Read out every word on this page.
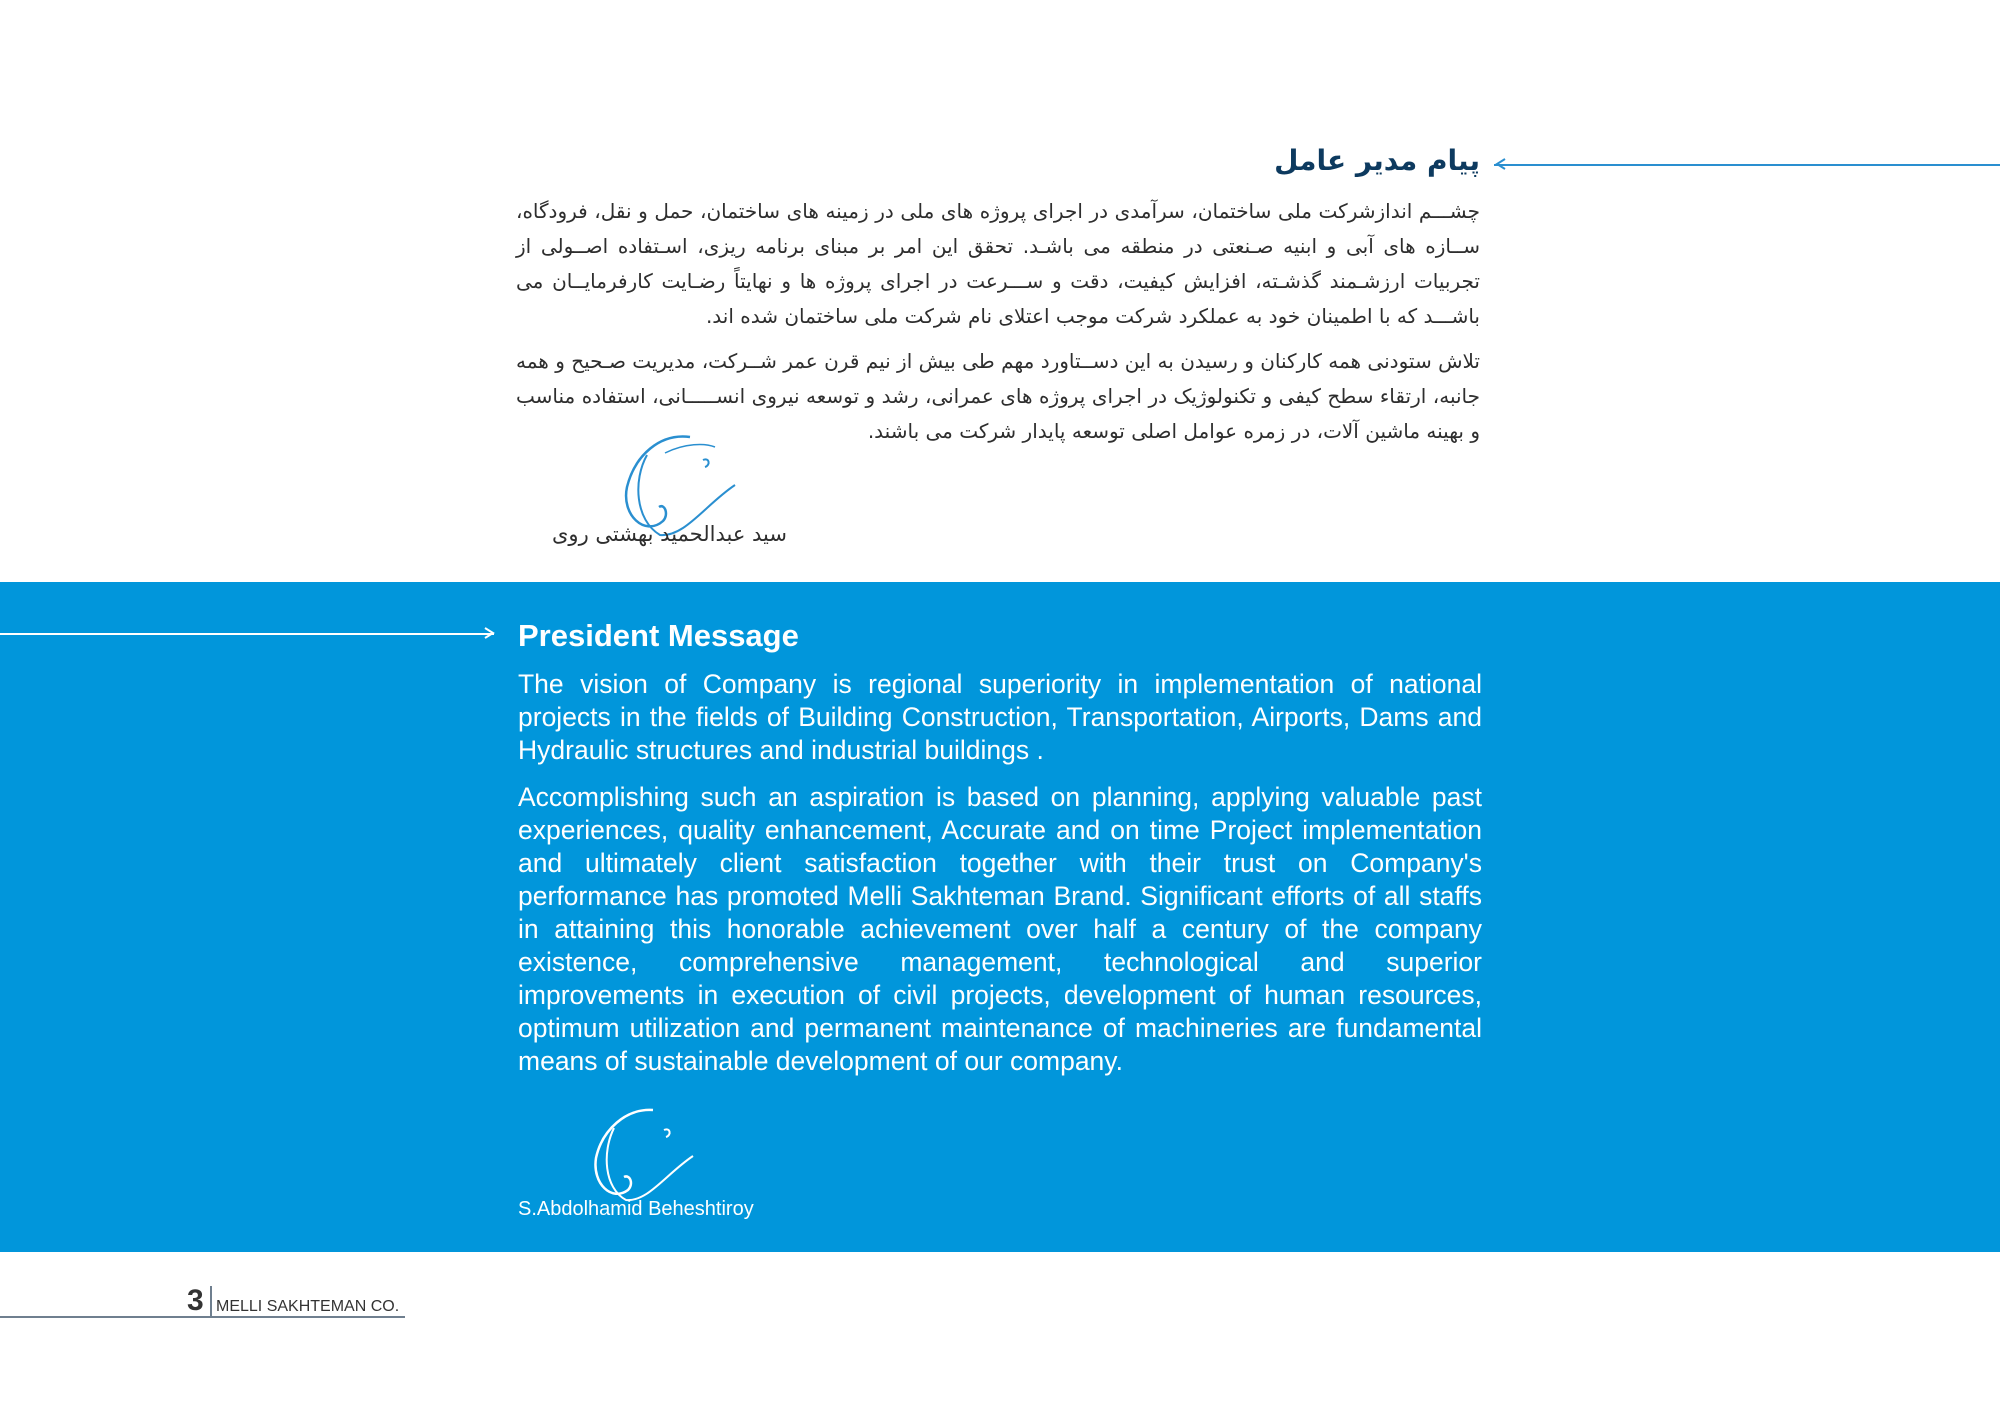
پیام مدیر عامل

چشـــم اندازشرکت ملی ساختمان، سرآمدی در اجرای پروژه های ملی در زمینه های ساختمان، حمل و نقل، فرودگاه، ســازه های آبی و ابنیه صـنعتی در منطقه می باشـد. تحقق این امر بر مبنای برنامه ریزی، اسـتفاده اصــولی از تجربیات ارزشـمند گذشـته، افزایش کیفیت، دقت و ســـرعت در اجرای پروژه ها و نهایتاً رضـایت کارفرمایــان می باشـــد که با اطمینان خود به عملکرد شرکت موجب اعتلای نام شرکت ملی ساختمان شده اند.

تلاش ستودنی همه کارکنان و رسیدن به این دســتاورد مهم طی بیش از نیم قرن عمر شــرکت، مدیریت صـحیح و همه جانبه، ارتقاء سطح کیفی و تکنولوژیک در اجرای پروژه های عمرانی، رشد و توسعه نیروی انســـــانی، استفاده مناسب و بهینه ماشین آلات، در زمره عوامل اصلی توسعه پایدار شرکت می باشند.

سید عبدالحمید بهشتی روی
President Message

The vision of Company is regional superiority in implementation of national projects in the fields of Building Construction, Transportation, Airports, Dams and Hydraulic structures and industrial buildings .

Accomplishing such an aspiration is based on planning, applying valuable past experiences, quality enhancement, Accurate and on time Project implementation and ultimately client satisfaction together with their trust on Company's performance has promoted Melli Sakhteman Brand. Significant efforts of all staffs in attaining this honorable achievement over half a century of the company existence, comprehensive management, technological and superior improvements in execution of civil projects, development of human resources, optimum utilization and permanent maintenance of machineries are fundamental means of sustainable development of our company.

S.Abdolhamid Beheshtiroy
3 MELLI SAKHTEMAN CO.
